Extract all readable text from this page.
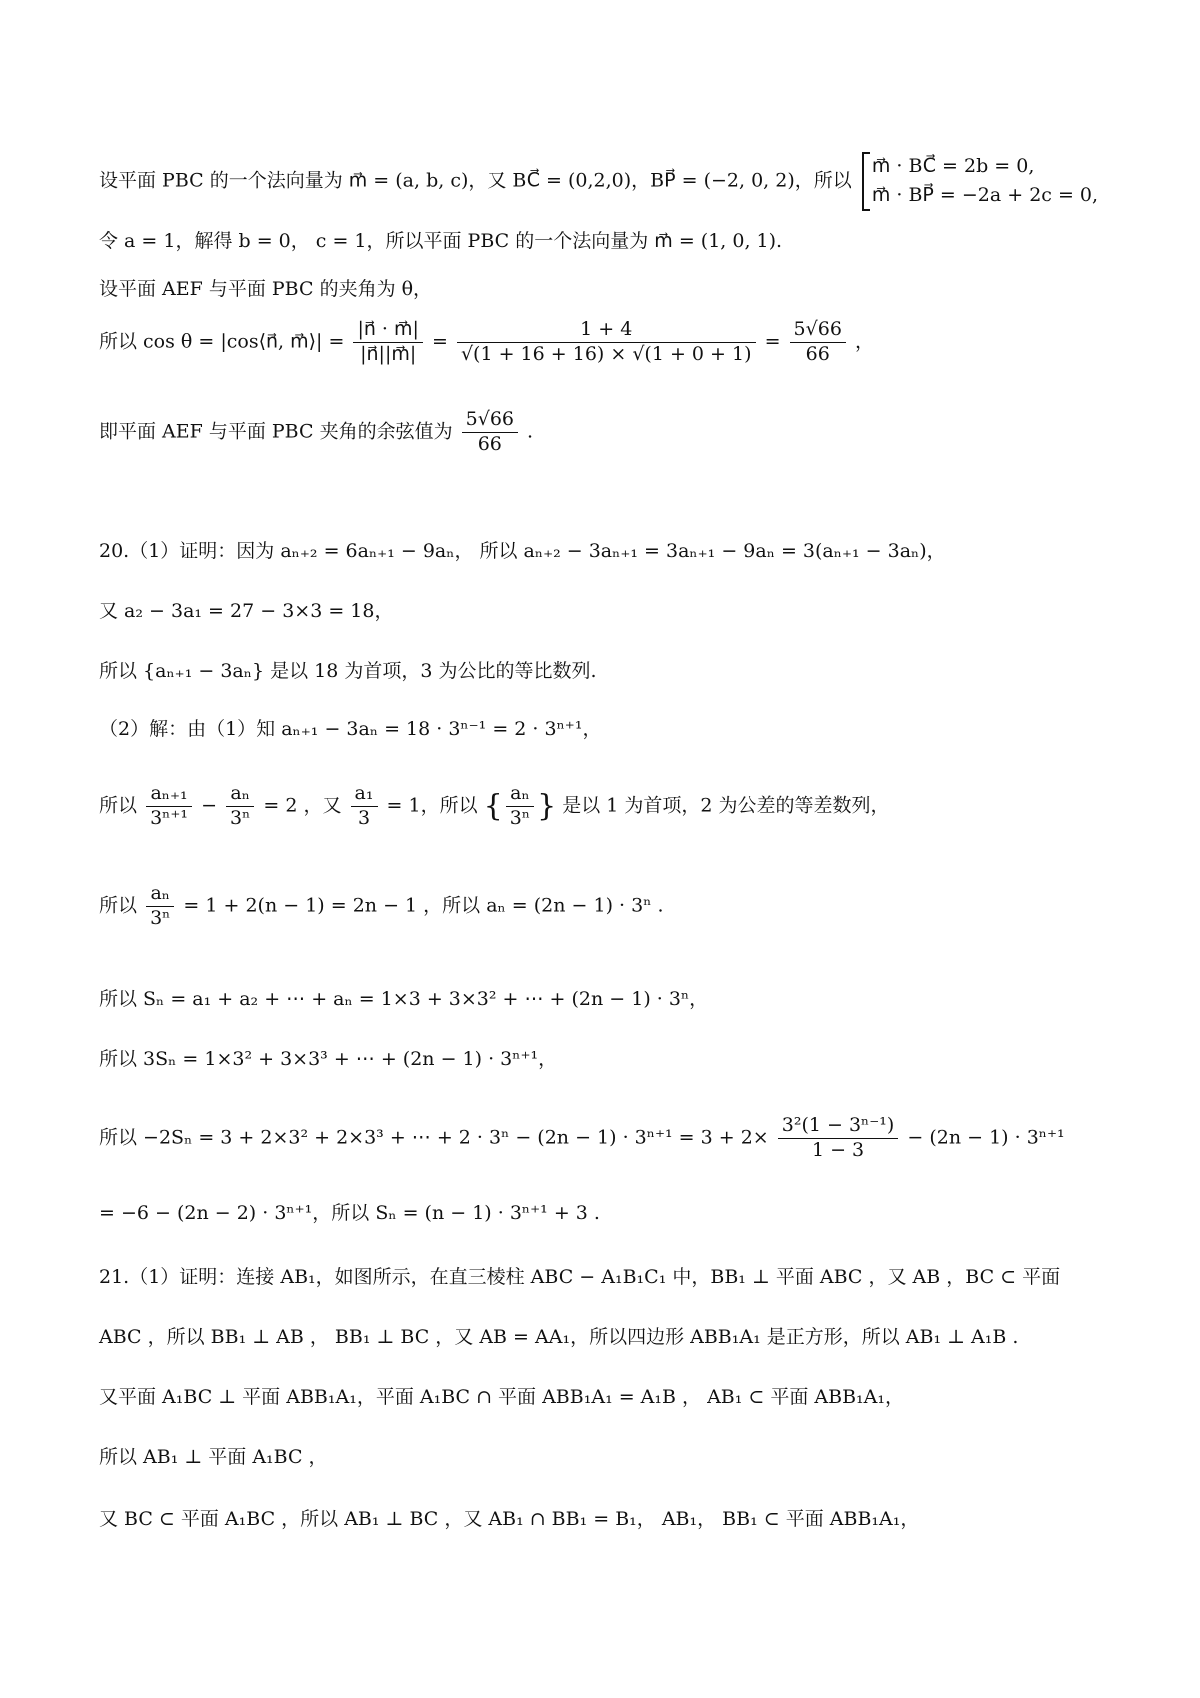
设平面 PBC 的一个法向量为 m⃗ = (a, b, c)，又 BC⃗ = (0,2,0)，BP⃗ = (−2, 0, 2)，所以
m⃗ · BC⃗ = 2b = 0,
m⃗ · BP⃗ = −2a + 2c = 0,
令 a = 1，解得 b = 0， c = 1，所以平面 PBC 的一个法向量为 m⃗ = (1, 0, 1).
设平面 AEF 与平面 PBC 的夹角为 θ，
所以 cos θ = |cos⟨n⃗, m⃗⟩| = $\frac{|n⃗ \cdot m⃗|}{|n⃗||m⃗|} = \frac{1 + 4}{√(1 + 16 + 16) \times √(1 + 0 + 1)} = \frac{5√66}{66}$ ，
即平面 AEF 与平面 PBC 夹角的余弦值为 $\frac{5√66}{66}$ .
20.（1）证明：因为 aₙ₊₂ = 6aₙ₊₁ − 9aₙ， 所以 aₙ₊₂ − 3aₙ₊₁ = 3aₙ₊₁ − 9aₙ = 3(aₙ₊₁ − 3aₙ)，
又 a₂ − 3a₁ = 27 − 3×3 = 18，
所以 {aₙ₊₁ − 3aₙ} 是以 18 为首项，3 为公比的等比数列.
（2）解：由（1）知 aₙ₊₁ − 3aₙ = 18 · 3ⁿ⁻¹ = 2 · 3ⁿ⁺¹，
所以 $\frac{\text{aₙ₊₁}}{\text{3ⁿ⁺¹}} - \frac{\text{aₙ}}{\text{3ⁿ}} = 2$ ，又 $\frac{\text{a₁}}{3} = 1$，所以 { $\frac{\text{aₙ}}{\text{3ⁿ}}$ } 是以 1 为首项，2 为公差的等差数列，
所以 $\frac{\text{aₙ}}{\text{3ⁿ}} = 1 + 2(n - 1) = 2n - 1$ ，所以 aₙ = (2n − 1) · 3ⁿ .
所以 Sₙ = a₁ + a₂ + ⋯ + aₙ = 1×3 + 3×3² + ⋯ + (2n − 1) · 3ⁿ，
所以 3Sₙ = 1×3² + 3×3³ + ⋯ + (2n − 1) · 3ⁿ⁺¹，
所以 −2Sₙ = 3 + 2×3² + 2×3³ + ⋯ + $2 \cdot 3^n - (2n - 1) \cdot 3^{n+1} = 3 + 2\times \frac{\text{3²(1 − 3ⁿ⁻¹)}}{1 - 3} - (2n - 1) \cdot 3^{n+1}$
= −6 − (2n − 2) · 3ⁿ⁺¹，所以 Sₙ = (n − 1) · 3ⁿ⁺¹ + 3 .
21.（1）证明：连接 AB₁，如图所示，在直三棱柱 ABC − A₁B₁C₁ 中，BB₁ ⊥ 平面 ABC ，又 AB ，BC ⊂ 平面
ABC ，所以 BB₁ ⊥ AB ， BB₁ ⊥ BC ，又 AB = AA₁，所以四边形 ABB₁A₁ 是正方形，所以 AB₁ ⊥ A₁B .
又平面 A₁BC ⊥ 平面 ABB₁A₁，平面 A₁BC ∩ 平面 ABB₁A₁ = A₁B ， AB₁ ⊂ 平面 ABB₁A₁，
所以 AB₁ ⊥ 平面 A₁BC ，
又 BC ⊂ 平面 A₁BC ，所以 AB₁ ⊥ BC ，又 AB₁ ∩ BB₁ = B₁， AB₁， BB₁ ⊂ 平面 ABB₁A₁，
